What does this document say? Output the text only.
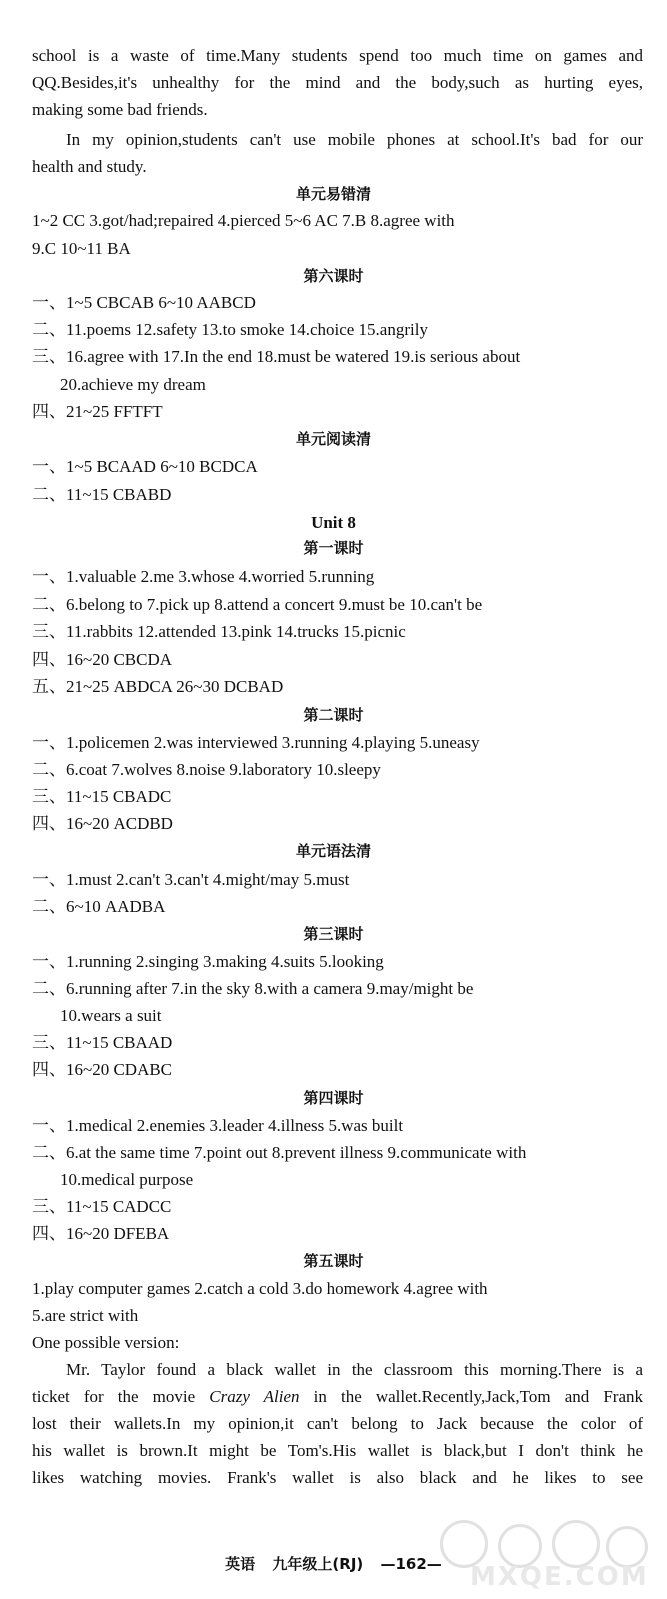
school is a waste of time.Many students spend too much time on games and
QQ.Besides,it's unhealthy for the mind and the body,such as hurting eyes,
making some bad friends.
In my opinion,students can't use mobile phones at school.It's bad for our
health and study.
单元易错清
1~2 CC 3.got/had;repaired 4.pierced 5~6 AC 7.B 8.agree with
9.C 10~11 BA
第六课时
一、1~5 CBCAB 6~10 AABCD
二、11.poems 12.safety 13.to smoke 14.choice 15.angrily
三、16.agree with 17.In the end 18.must be watered 19.is serious about
20.achieve my dream
四、21~25 FFTFT
单元阅读清
一、1~5 BCAAD 6~10 BCDCA
二、11~15 CBABD
Unit 8
第一课时
一、1.valuable 2.me 3.whose 4.worried 5.running
二、6.belong to 7.pick up 8.attend a concert 9.must be 10.can't be
三、11.rabbits 12.attended 13.pink 14.trucks 15.picnic
四、16~20 CBCDA
五、21~25 ABDCA 26~30 DCBAD
第二课时
一、1.policemen 2.was interviewed 3.running 4.playing 5.uneasy
二、6.coat 7.wolves 8.noise 9.laboratory 10.sleepy
三、11~15 CBADC
四、16~20 ACDBD
单元语法清
一、1.must 2.can't 3.can't 4.might/may 5.must
二、6~10 AADBA
第三课时
一、1.running 2.singing 3.making 4.suits 5.looking
二、6.running after 7.in the sky 8.with a camera 9.may/might be
10.wears a suit
三、11~15 CBAAD
四、16~20 CDABC
第四课时
一、1.medical 2.enemies 3.leader 4.illness 5.was built
二、6.at the same time 7.point out 8.prevent illness 9.communicate with
10.medical purpose
三、11~15 CADCC
四、16~20 DFEBA
第五课时
1.play computer games 2.catch a cold 3.do homework 4.agree with
5.are strict with
One possible version:
Mr. Taylor found a black wallet in the classroom this morning.There is a
ticket for the movie Crazy Alien in the wallet.Recently,Jack,Tom and Frank
lost their wallets.In my opinion,it can't belong to Jack because the color of
his wallet is brown.It might be Tom's.His wallet is black,but I don't think he
likes watching movies. Frank's wallet is also black and he likes to see
英语 九年级上(RJ) —162—	MXQE.COM
